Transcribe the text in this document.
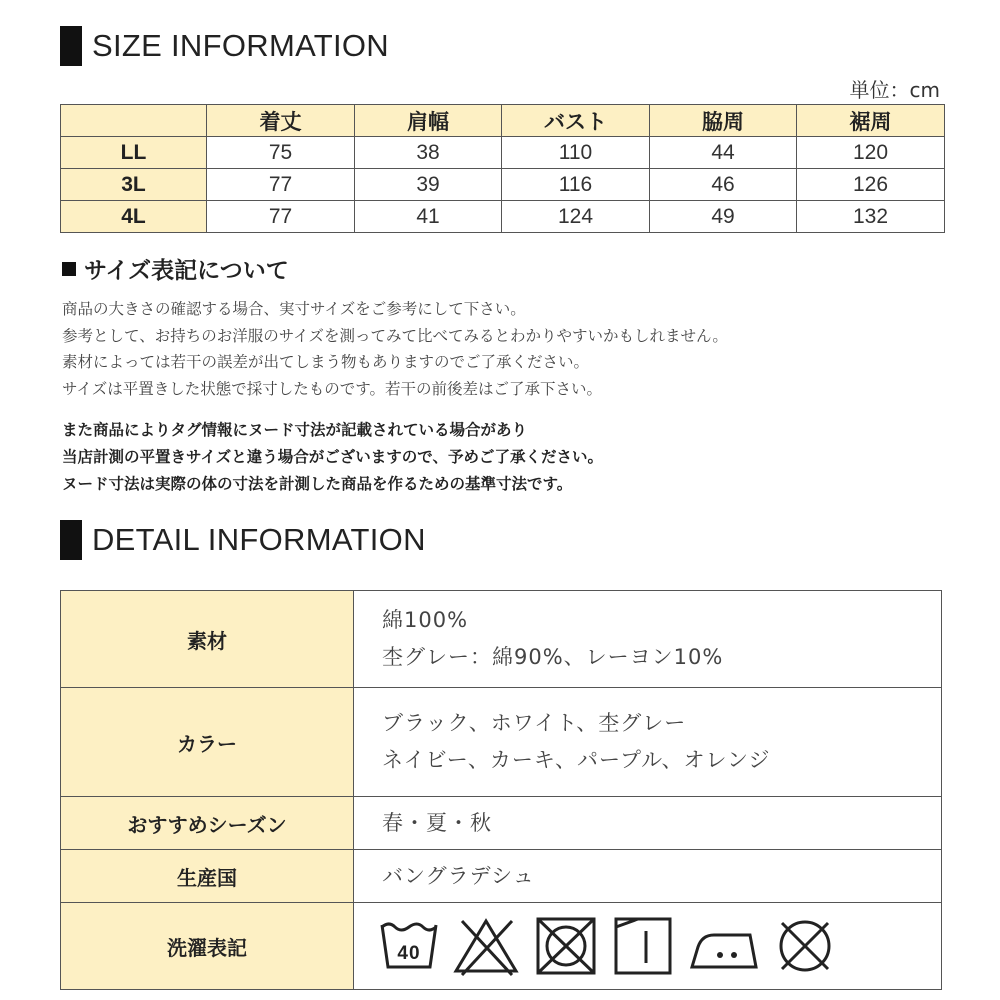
SIZE INFORMATION
単位：cm
	着丈	肩幅	バスト	脇周	裾周
LL	75	38	110	44	120
3L	77	39	116	46	126
4L	77	41	124	49	132
サイズ表記について
商品の大きさの確認する場合、実寸サイズをご参考にして下さい。
参考として、お持ちのお洋服のサイズを測ってみて比べてみるとわかりやすいかもしれません。
素材によっては若干の誤差が出てしまう物もありますのでご了承ください。
サイズは平置きした状態で採寸したものです。若干の前後差はご了承下さい。
また商品によりタグ情報にヌード寸法が記載されている場合があり
当店計測の平置きサイズと違う場合がございますので、予めご了承ください。
ヌード寸法は実際の体の寸法を計測した商品を作るための基準寸法です。
DETAIL INFORMATION
素材	綿100%
杢グレー：綿90%、レーヨン10%

カラー	ブラック、ホワイト、杢グレー
ネイビー、カーキ、パープル、オレンジ

おすすめシーズン	春・夏・秋

生産国	バングラデシュ

洗濯表記	40
